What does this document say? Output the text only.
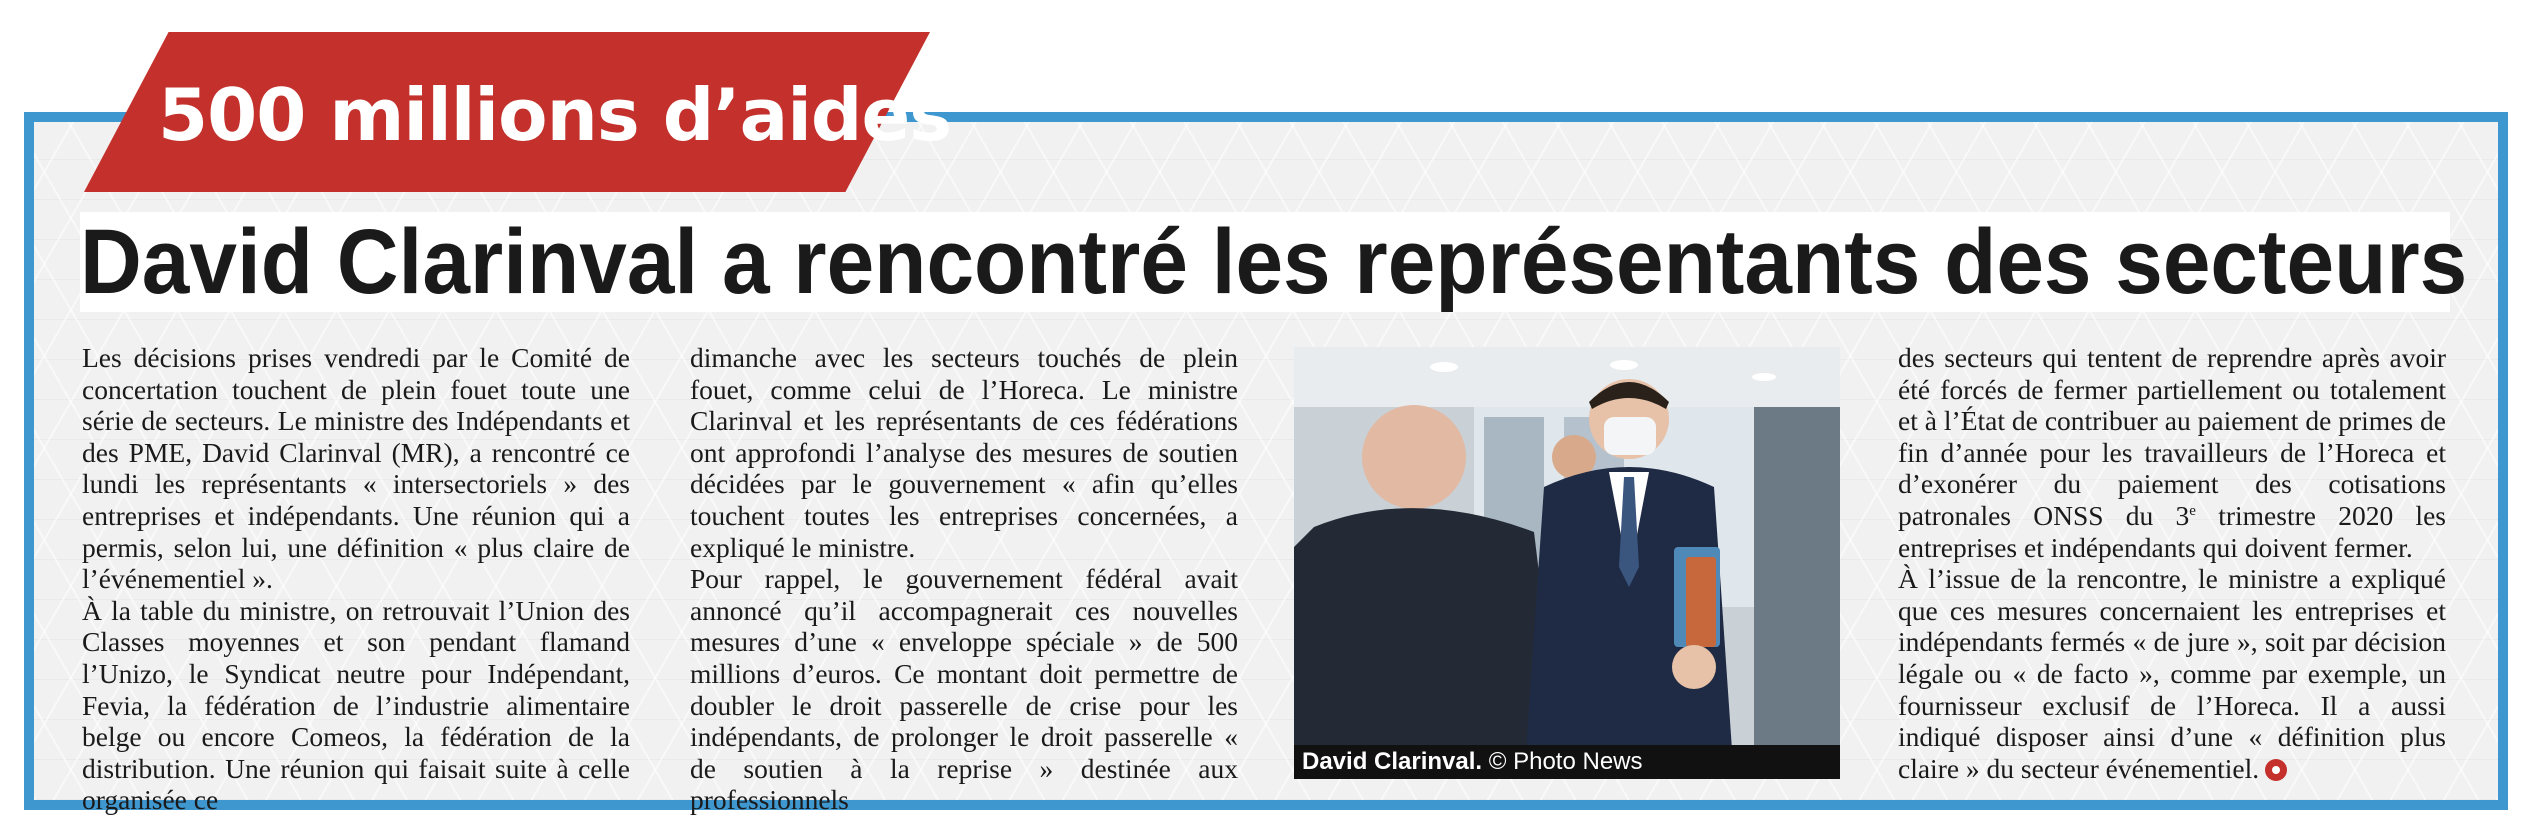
500 millions d’aides
David Clarinval a rencontré les représentants des secteurs

Les décisions prises vendredi par le Comité de concertation touchent de plein fouet toute une série de secteurs. Le ministre des Indépendants et des PME, David Clarinval (MR), a rencontré ce lundi les représentants « intersectoriels » des entreprises et indépendants. Une réunion qui a permis, selon lui, une définition « plus claire de l’événementiel ».

À la table du ministre, on retrouvait l’Union des Classes moyennes et son pendant flamand l’Unizo, le Syndicat neutre pour Indépendant, Fevia, la fédération de l’industrie alimentaire belge ou encore Comeos, la fédération de la distribution. Une réunion qui faisait suite à celle organisée ce

dimanche avec les secteurs touchés de plein fouet, comme celui de l’Horeca. Le ministre Clarinval et les représentants de ces fédérations ont approfondi l’analyse des mesures de soutien décidées par le gouvernement « afin qu’elles touchent toutes les entreprises concernées, a expliqué le ministre.

Pour rappel, le gouvernement fédéral avait annoncé qu’il accompagnerait ces nouvelles mesures d’une « enveloppe spéciale » de 500 millions d’euros. Ce montant doit permettre de doubler le droit passerelle de crise pour les indépendants, de prolonger le droit passerelle « de soutien à la reprise » destinée aux professionnels

David Clarinval. © Photo News

des secteurs qui tentent de reprendre après avoir été forcés de fermer partiellement ou totalement et à l’État de contribuer au paiement de primes de fin d’année pour les travailleurs de l’Horeca et d’exonérer du paiement des cotisations patronales ONSS du 3e trimestre 2020 les entreprises et indépendants qui doivent fermer.

À l’issue de la rencontre, le ministre a expliqué que ces mesures concernaient les entreprises et indépendants fermés « de jure », soit par décision légale ou « de facto », comme par exemple, un fournisseur exclusif de l’Horeca. Il a aussi indiqué disposer ainsi d’une « définition plus claire » du secteur événementiel.
